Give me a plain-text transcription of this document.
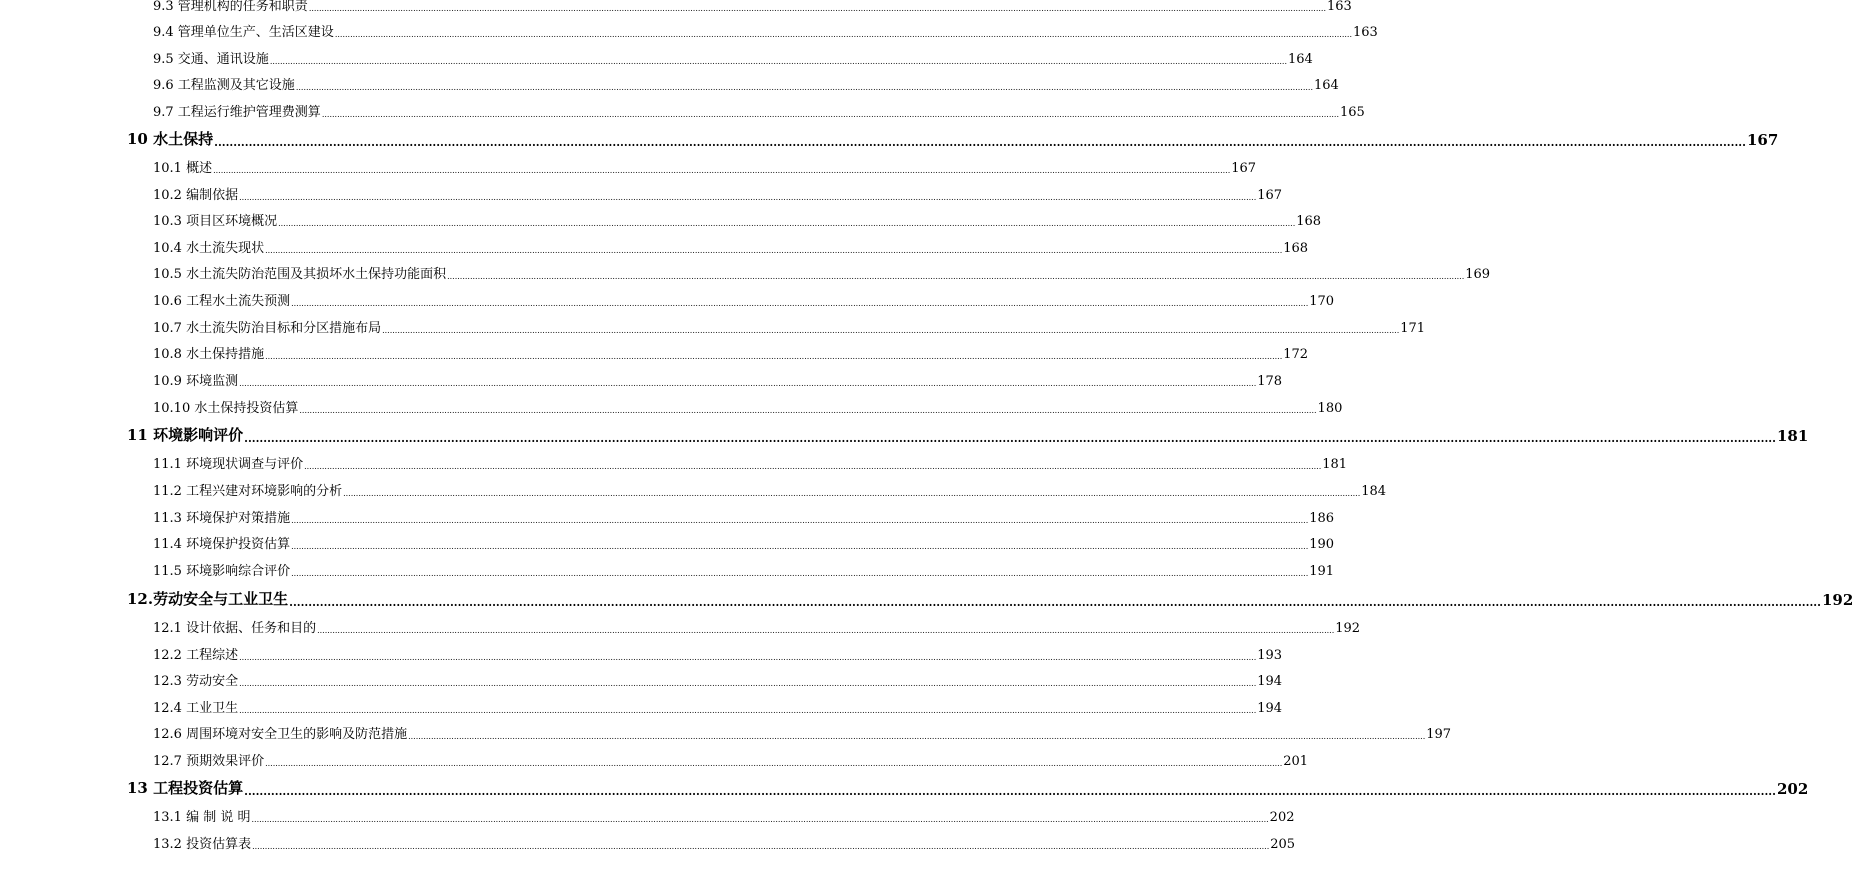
9.3 管理机构的任务和职责 ................................................................................................................................................................................................................................................................................................................................................................................................................ 163
9.4 管理单位生产、生活区建设 ................................................................................................................................................................................................................................................................................................................................................................................................................ 163
9.5 交通、通讯设施 ................................................................................................................................................................................................................................................................................................................................................................................................................ 164
9.6 工程监测及其它设施 ................................................................................................................................................................................................................................................................................................................................................................................................................ 164
9.7 工程运行维护管理费测算 ................................................................................................................................................................................................................................................................................................................................................................................................................ 165
10 水土保持 ................................................................................................................................................................................................................................................................................................................................................................................................................ 167
10.1 概述 ................................................................................................................................................................................................................................................................................................................................................................................................................ 167
10.2 编制依据 ................................................................................................................................................................................................................................................................................................................................................................................................................ 167
10.3 项目区环境概况 ................................................................................................................................................................................................................................................................................................................................................................................................................ 168
10.4 水土流失现状 ................................................................................................................................................................................................................................................................................................................................................................................................................ 168
10.5 水土流失防治范围及其损坏水土保持功能面积 ................................................................................................................................................................................................................................................................................................................................................................................................................ 169
10.6 工程水土流失预测 ................................................................................................................................................................................................................................................................................................................................................................................................................ 170
10.7 水土流失防治目标和分区措施布局 ................................................................................................................................................................................................................................................................................................................................................................................................................ 171
10.8 水土保持措施 ................................................................................................................................................................................................................................................................................................................................................................................................................ 172
10.9 环境监测 ................................................................................................................................................................................................................................................................................................................................................................................................................ 178
10.10 水土保持投资估算 ................................................................................................................................................................................................................................................................................................................................................................................................................ 180
11 环境影响评价 ................................................................................................................................................................................................................................................................................................................................................................................................................ 181
11.1 环境现状调查与评价 ................................................................................................................................................................................................................................................................................................................................................................................................................ 181
11.2 工程兴建对环境影响的分析 ................................................................................................................................................................................................................................................................................................................................................................................................................ 184
11.3 环境保护对策措施 ................................................................................................................................................................................................................................................................................................................................................................................................................ 186
11.4 环境保护投资估算 ................................................................................................................................................................................................................................................................................................................................................................................................................ 190
11.5 环境影响综合评价 ................................................................................................................................................................................................................................................................................................................................................................................................................ 191
12.劳动安全与工业卫生 ................................................................................................................................................................................................................................................................................................................................................................................................................ 192
12.1 设计依据、任务和目的 ................................................................................................................................................................................................................................................................................................................................................................................................................ 192
12.2 工程综述 ................................................................................................................................................................................................................................................................................................................................................................................................................ 193
12.3 劳动安全 ................................................................................................................................................................................................................................................................................................................................................................................................................ 194
12.4 工业卫生 ................................................................................................................................................................................................................................................................................................................................................................................................................ 194
12.6 周围环境对安全卫生的影响及防范措施 ................................................................................................................................................................................................................................................................................................................................................................................................................ 197
12.7 预期效果评价 ................................................................................................................................................................................................................................................................................................................................................................................................................ 201
13 工程投资估算 ................................................................................................................................................................................................................................................................................................................................................................................................................ 202
13.1 编 制 说 明 ................................................................................................................................................................................................................................................................................................................................................................................................................ 202
13.2 投资估算表 ................................................................................................................................................................................................................................................................................................................................................................................................................ 205
